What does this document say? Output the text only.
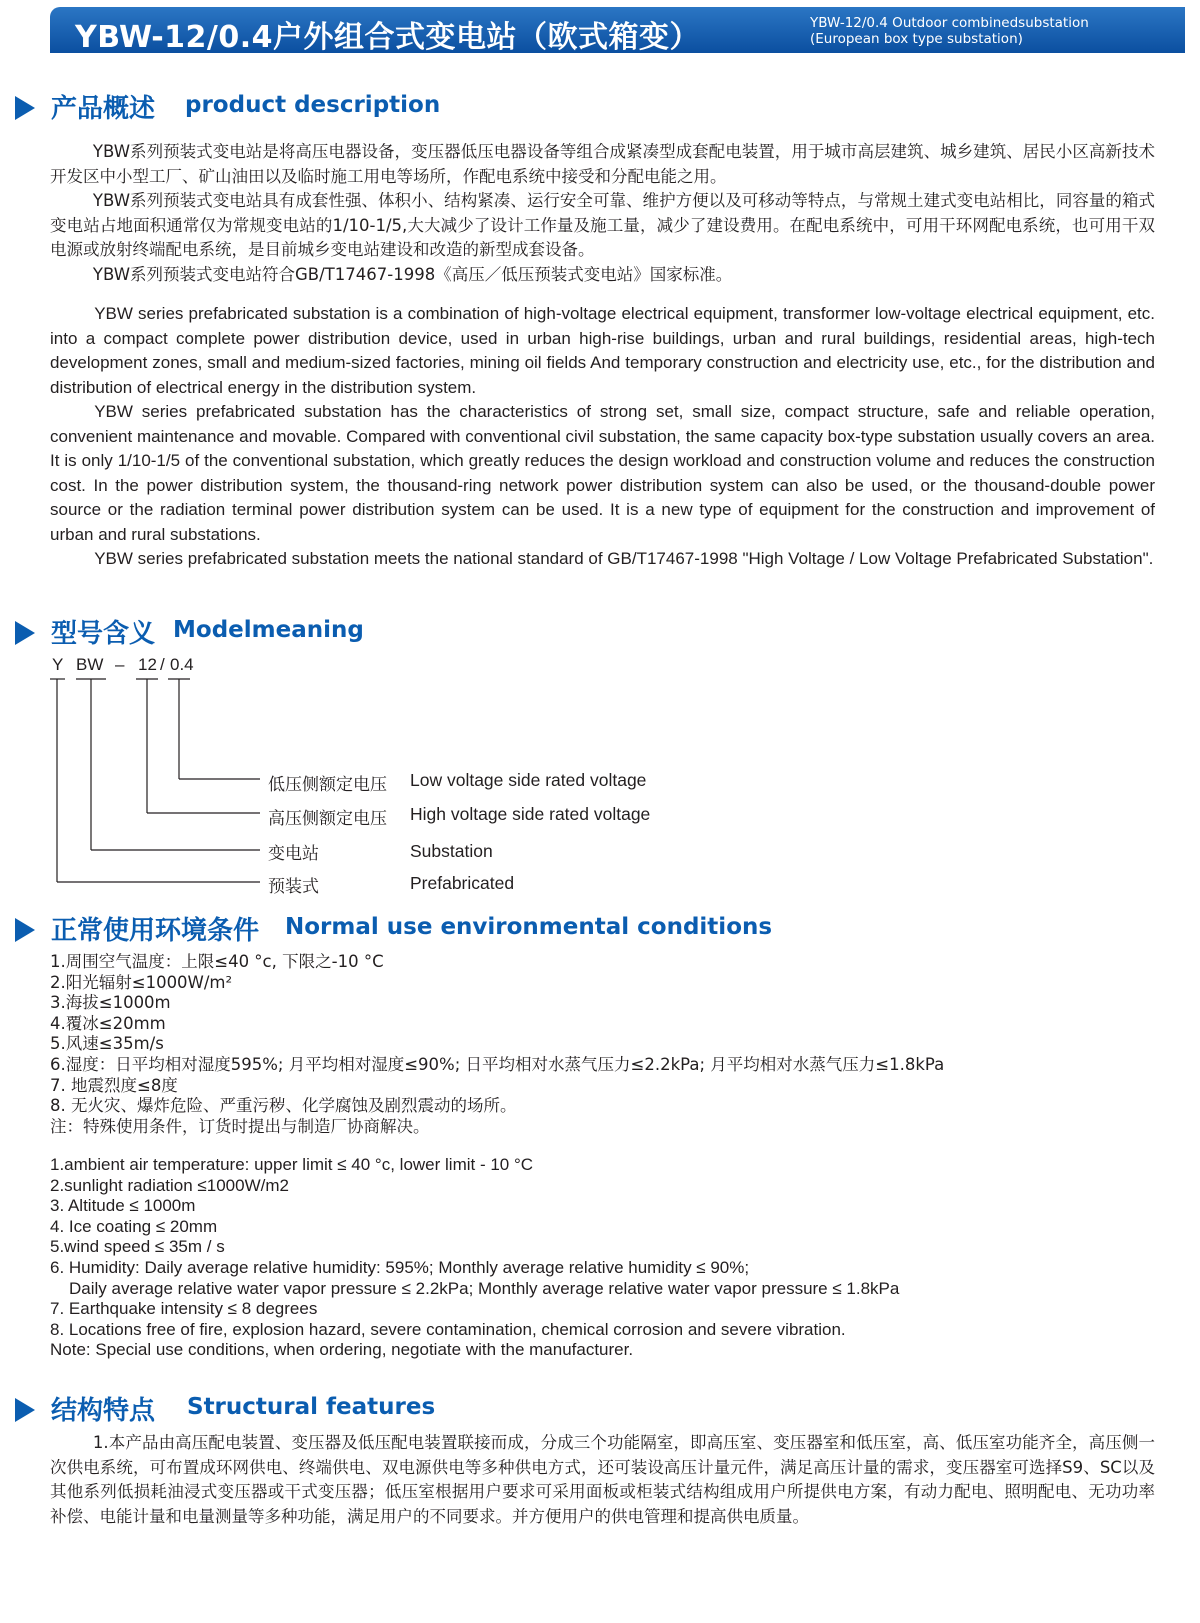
YBW-12/0.4户外组合式变电站（欧式箱变）	YBW-12/0.4 Outdoor combinedsubstation
(European box type substation)
产品概述 product description

YBW系列预装式变电站是将高压电器设备，变压器低压电器设备等组合成紧凑型成套配电装置，用于城市高层建筑、城乡建筑、居民小区高新技术开发区中小型工厂、矿山油田以及临时施工用电等场所，作配电系统中接受和分配电能之用。

YBW系列预装式变电站具有成套性强、体积小、结构紧凑、运行安全可靠、维护方便以及可移动等特点，与常规土建式变电站相比，同容量的箱式变电站占地面积通常仅为常规变电站的1/10-1/5,大大减少了设计工作量及施工量，减少了建设费用。在配电系统中，可用干环网配电系统，也可用干双电源或放射终端配电系统，是目前城乡变电站建设和改造的新型成套设备。

YBW系列预装式变电站符合GB/T17467-1998《高压／低压预装式变电站》国家标准。

YBW series prefabricated substation is a combination of high-voltage electrical equipment, transformer low-voltage electrical equipment, etc. into a compact complete power distribution device, used in urban high-rise buildings, urban and rural buildings, residential areas, high-tech development zones, small and medium-sized factories, mining oil fields And temporary construction and electricity use, etc., for the distribution and distribution of electrical energy in the distribution system.

YBW series prefabricated substation has the characteristics of strong set, small size, compact structure, safe and reliable operation, convenient maintenance and movable. Compared with conventional civil substation, the same capacity box-type substation usually covers an area. It is only 1/10-1/5 of the conventional substation, which greatly reduces the design workload and construction volume and reduces the construction cost. In the power distribution system, the thousand-ring network power distribution system can also be used, or the thousand-double power source or the radiation terminal power distribution system can be used. It is a new type of equipment for the construction and improvement of urban and rural substations.

YBW series prefabricated substation meets the national standard of GB/T17467-1998 "High Voltage / Low Voltage Prefabricated Substation".

型号含义 Modelmeaning
Y BW – 12 / 0.4
低压侧额定电压 Low voltage side rated voltage
高压侧额定电压 High voltage side rated voltage
变电站	Substation
预装式	Prefabricated
正常使用环境条件 Normal use environmental conditions
1.周围空气温度：上限≤40 °c, 下限之-10 °C
2.阳光辐射≤1000W/m²
3.海拔≤1000m
4.覆冰≤20mm
5.风速≤35m/s
6.湿度：日平均相对湿度595%; 月平均相对湿度≤90%; 日平均相对水蒸气压力≤2.2kPa; 月平均相对水蒸气压力≤1.8kPa
7. 地震烈度≤8度
8. 无火灾、爆炸危险、严重污秽、化学腐蚀及剧烈震动的场所。
注：特殊使用条件，订货时提出与制造厂协商解决。
1.ambient air temperature: upper limit ≤ 40 °c, lower limit - 10 °C
2.sunlight radiation ≤1000W/m2
3. Altitude ≤ 1000m
4. Ice coating ≤ 20mm
5.wind speed ≤ 35m / s
6. Humidity: Daily average relative humidity: 595%; Monthly average relative humidity ≤ 90%;
Daily average relative water vapor pressure ≤ 2.2kPa; Monthly average relative water vapor pressure ≤ 1.8kPa
7. Earthquake intensity ≤ 8 degrees
8. Locations free of fire, explosion hazard, severe contamination, chemical corrosion and severe vibration.
Note: Special use conditions, when ordering, negotiate with the manufacturer.
结构特点 Structural features

1.本产品由高压配电装置、变压器及低压配电装置联接而成，分成三个功能隔室，即高压室、变压器室和低压室，高、低压室功能齐全，高压侧一次供电系统，可布置成环网供电、终端供电、双电源供电等多种供电方式，还可装设高压计量元件，满足高压计量的需求，变压器室可选择S9、SC以及其他系列低损耗油浸式变压器或干式变压器；低压室根据用户要求可采用面板或柜装式结构组成用户所提供电方案，有动力配电、照明配电、无功功率补偿、电能计量和电量测量等多种功能，满足用户的不同要求。并方便用户的供电管理和提高供电质量。
